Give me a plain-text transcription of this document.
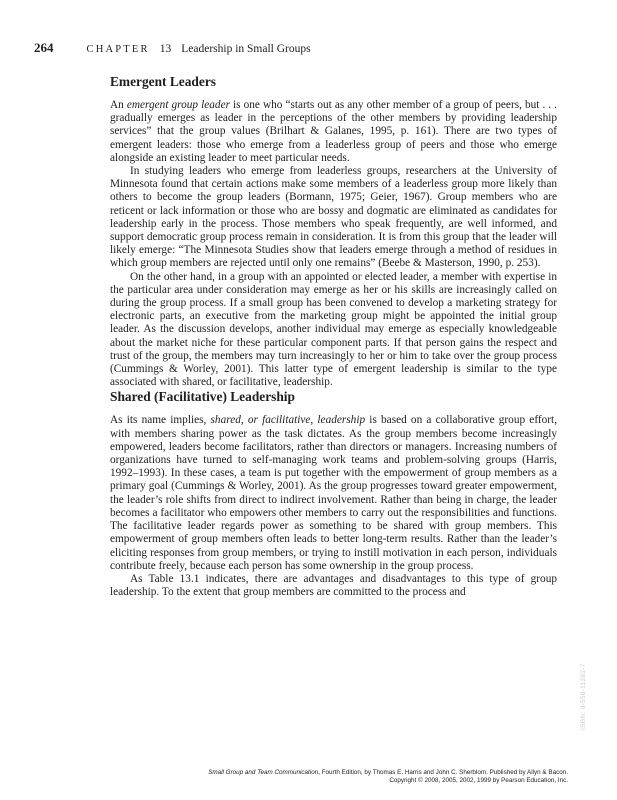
264	CHAPTER 13 Leadership in Small Groups
Emergent Leaders

An emergent group leader is one who “starts out as any other member of a group of peers, but . . . gradually emerges as leader in the perceptions of the other members by providing leadership services” that the group values (Brilhart & Galanes, 1995, p. 161). There are two types of emergent leaders: those who emerge from a leaderless group of peers and those who emerge alongside an existing leader to meet particular needs.

In studying leaders who emerge from leaderless groups, researchers at the University of Minnesota found that certain actions make some members of a leaderless group more likely than others to become the group leaders (Bormann, 1975; Geier, 1967). Group members who are reticent or lack information or those who are bossy and dogmatic are eliminated as candidates for leadership early in the process. Those members who speak frequently, are well informed, and support democratic group process remain in consideration. It is from this group that the leader will likely emerge: “The Minnesota Studies show that leaders emerge through a method of residues in which group members are rejected until only one remains” (Beebe & Masterson, 1990, p. 253).

On the other hand, in a group with an appointed or elected leader, a member with expertise in the particular area under consideration may emerge as her or his skills are increasingly called on during the group process. If a small group has been convened to develop a marketing strategy for electronic parts, an executive from the marketing group might be appointed the initial group leader. As the discussion develops, another individual may emerge as especially knowledgeable about the market niche for these particular component parts. If that person gains the respect and trust of the group, the members may turn increasingly to her or him to take over the group process (Cummings & Worley, 2001). This latter type of emergent leadership is similar to the type associated with shared, or facilitative, leadership.

Shared (Facilitative) Leadership

As its name implies, shared, or facilitative, leadership is based on a collaborative group effort, with members sharing power as the task dictates. As the group members become increasingly empowered, leaders become facilitators, rather than directors or managers. Increasing numbers of organizations have turned to self-managing work teams and problem-solving groups (Harris, 1992–1993). In these cases, a team is put together with the empowerment of group members as a primary goal (Cummings & Worley, 2001). As the group progresses toward greater empowerment, the leader’s role shifts from direct to indirect involvement. Rather than being in charge, the leader becomes a facilitator who empowers other members to carry out the responsibilities and functions. The facilitative leader regards power as something to be shared with group members. This empowerment of group members often leads to better long-term results. Rather than the leader’s eliciting responses from group members, or trying to instill motivation in each person, individuals contribute freely, because each person has some ownership in the group process.

As Table 13.1 indicates, there are advantages and disadvantages to this type of group leadership. To the extent that group members are committed to the process and

ISBN: 0-558-11282-7
Small Group and Team Communication, Fourth Edition, by Thomas E. Harris and John C. Sherblom. Published by Allyn & Bacon.
Copyright © 2008, 2005, 2002, 1999 by Pearson Education, Inc.
